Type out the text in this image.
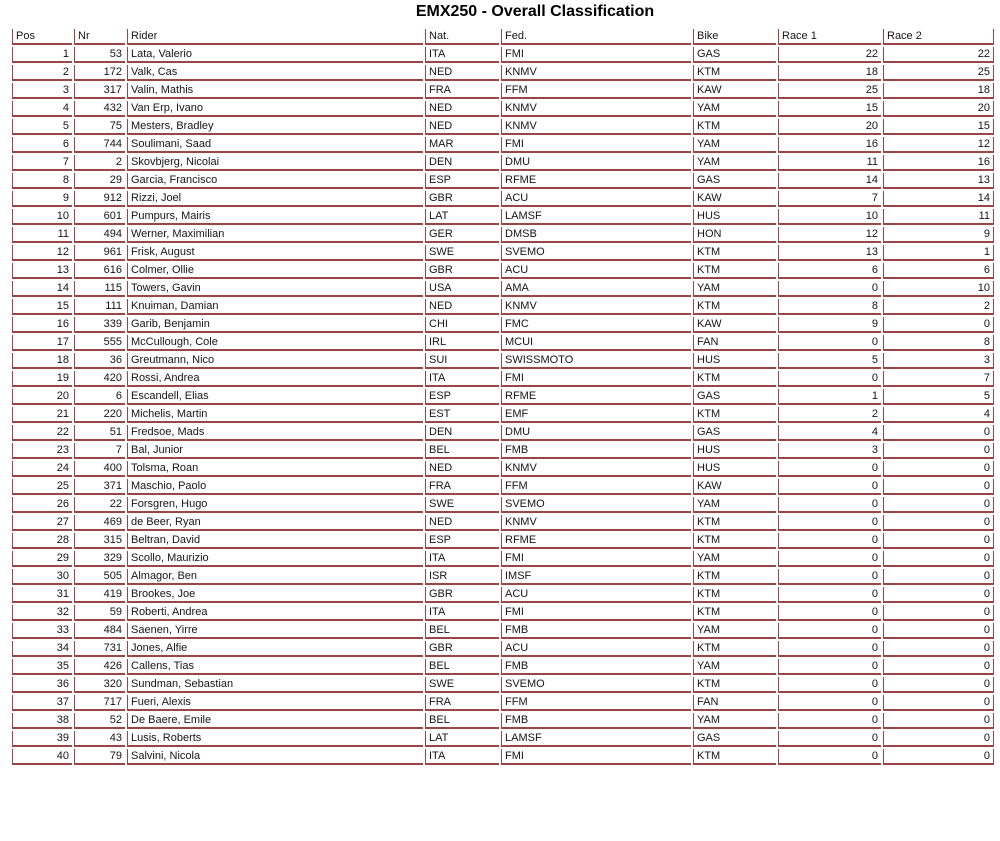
EMX250 - Overall Classification
Pos	Nr	Rider	Nat.	Fed.	Bike	Race 1	Race 2
1	53	Lata, Valerio	ITA	FMI	GAS	22	22
2	172	Valk, Cas	NED	KNMV	KTM	18	25
3	317	Valin, Mathis	FRA	FFM	KAW	25	18
4	432	Van Erp, Ivano	NED	KNMV	YAM	15	20
5	75	Mesters, Bradley	NED	KNMV	KTM	20	15
6	744	Soulimani, Saad	MAR	FMI	YAM	16	12
7	2	Skovbjerg, Nicolai	DEN	DMU	YAM	11	16
8	29	Garcia, Francisco	ESP	RFME	GAS	14	13
9	912	Rizzi, Joel	GBR	ACU	KAW	7	14
10	601	Pumpurs, Mairis	LAT	LAMSF	HUS	10	11
11	494	Werner, Maximilian	GER	DMSB	HON	12	9
12	961	Frisk, August	SWE	SVEMO	KTM	13	1
13	616	Colmer, Ollie	GBR	ACU	KTM	6	6
14	115	Towers, Gavin	USA	AMA	YAM	0	10
15	111	Knuiman, Damian	NED	KNMV	KTM	8	2
16	339	Garib, Benjamin	CHI	FMC	KAW	9	0
17	555	McCullough, Cole	IRL	MCUI	FAN	0	8
18	36	Greutmann, Nico	SUI	SWISSMOTO	HUS	5	3
19	420	Rossi, Andrea	ITA	FMI	KTM	0	7
20	6	Escandell, Elias	ESP	RFME	GAS	1	5
21	220	Michelis, Martin	EST	EMF	KTM	2	4
22	51	Fredsoe, Mads	DEN	DMU	GAS	4	0
23	7	Bal, Junior	BEL	FMB	HUS	3	0
24	400	Tolsma, Roan	NED	KNMV	HUS	0	0
25	371	Maschio, Paolo	FRA	FFM	KAW	0	0
26	22	Forsgren, Hugo	SWE	SVEMO	YAM	0	0
27	469	de Beer, Ryan	NED	KNMV	KTM	0	0
28	315	Beltran, David	ESP	RFME	KTM	0	0
29	329	Scollo, Maurizio	ITA	FMI	YAM	0	0
30	505	Almagor, Ben	ISR	IMSF	KTM	0	0
31	419	Brookes, Joe	GBR	ACU	KTM	0	0
32	59	Roberti, Andrea	ITA	FMI	KTM	0	0
33	484	Saenen, Yirre	BEL	FMB	YAM	0	0
34	731	Jones, Alfie	GBR	ACU	KTM	0	0
35	426	Callens, Tias	BEL	FMB	YAM	0	0
36	320	Sundman, Sebastian	SWE	SVEMO	KTM	0	0
37	717	Fueri, Alexis	FRA	FFM	FAN	0	0
38	52	De Baere, Emile	BEL	FMB	YAM	0	0
39	43	Lusis, Roberts	LAT	LAMSF	GAS	0	0
40	79	Salvini, Nicola	ITA	FMI	KTM	0	0
